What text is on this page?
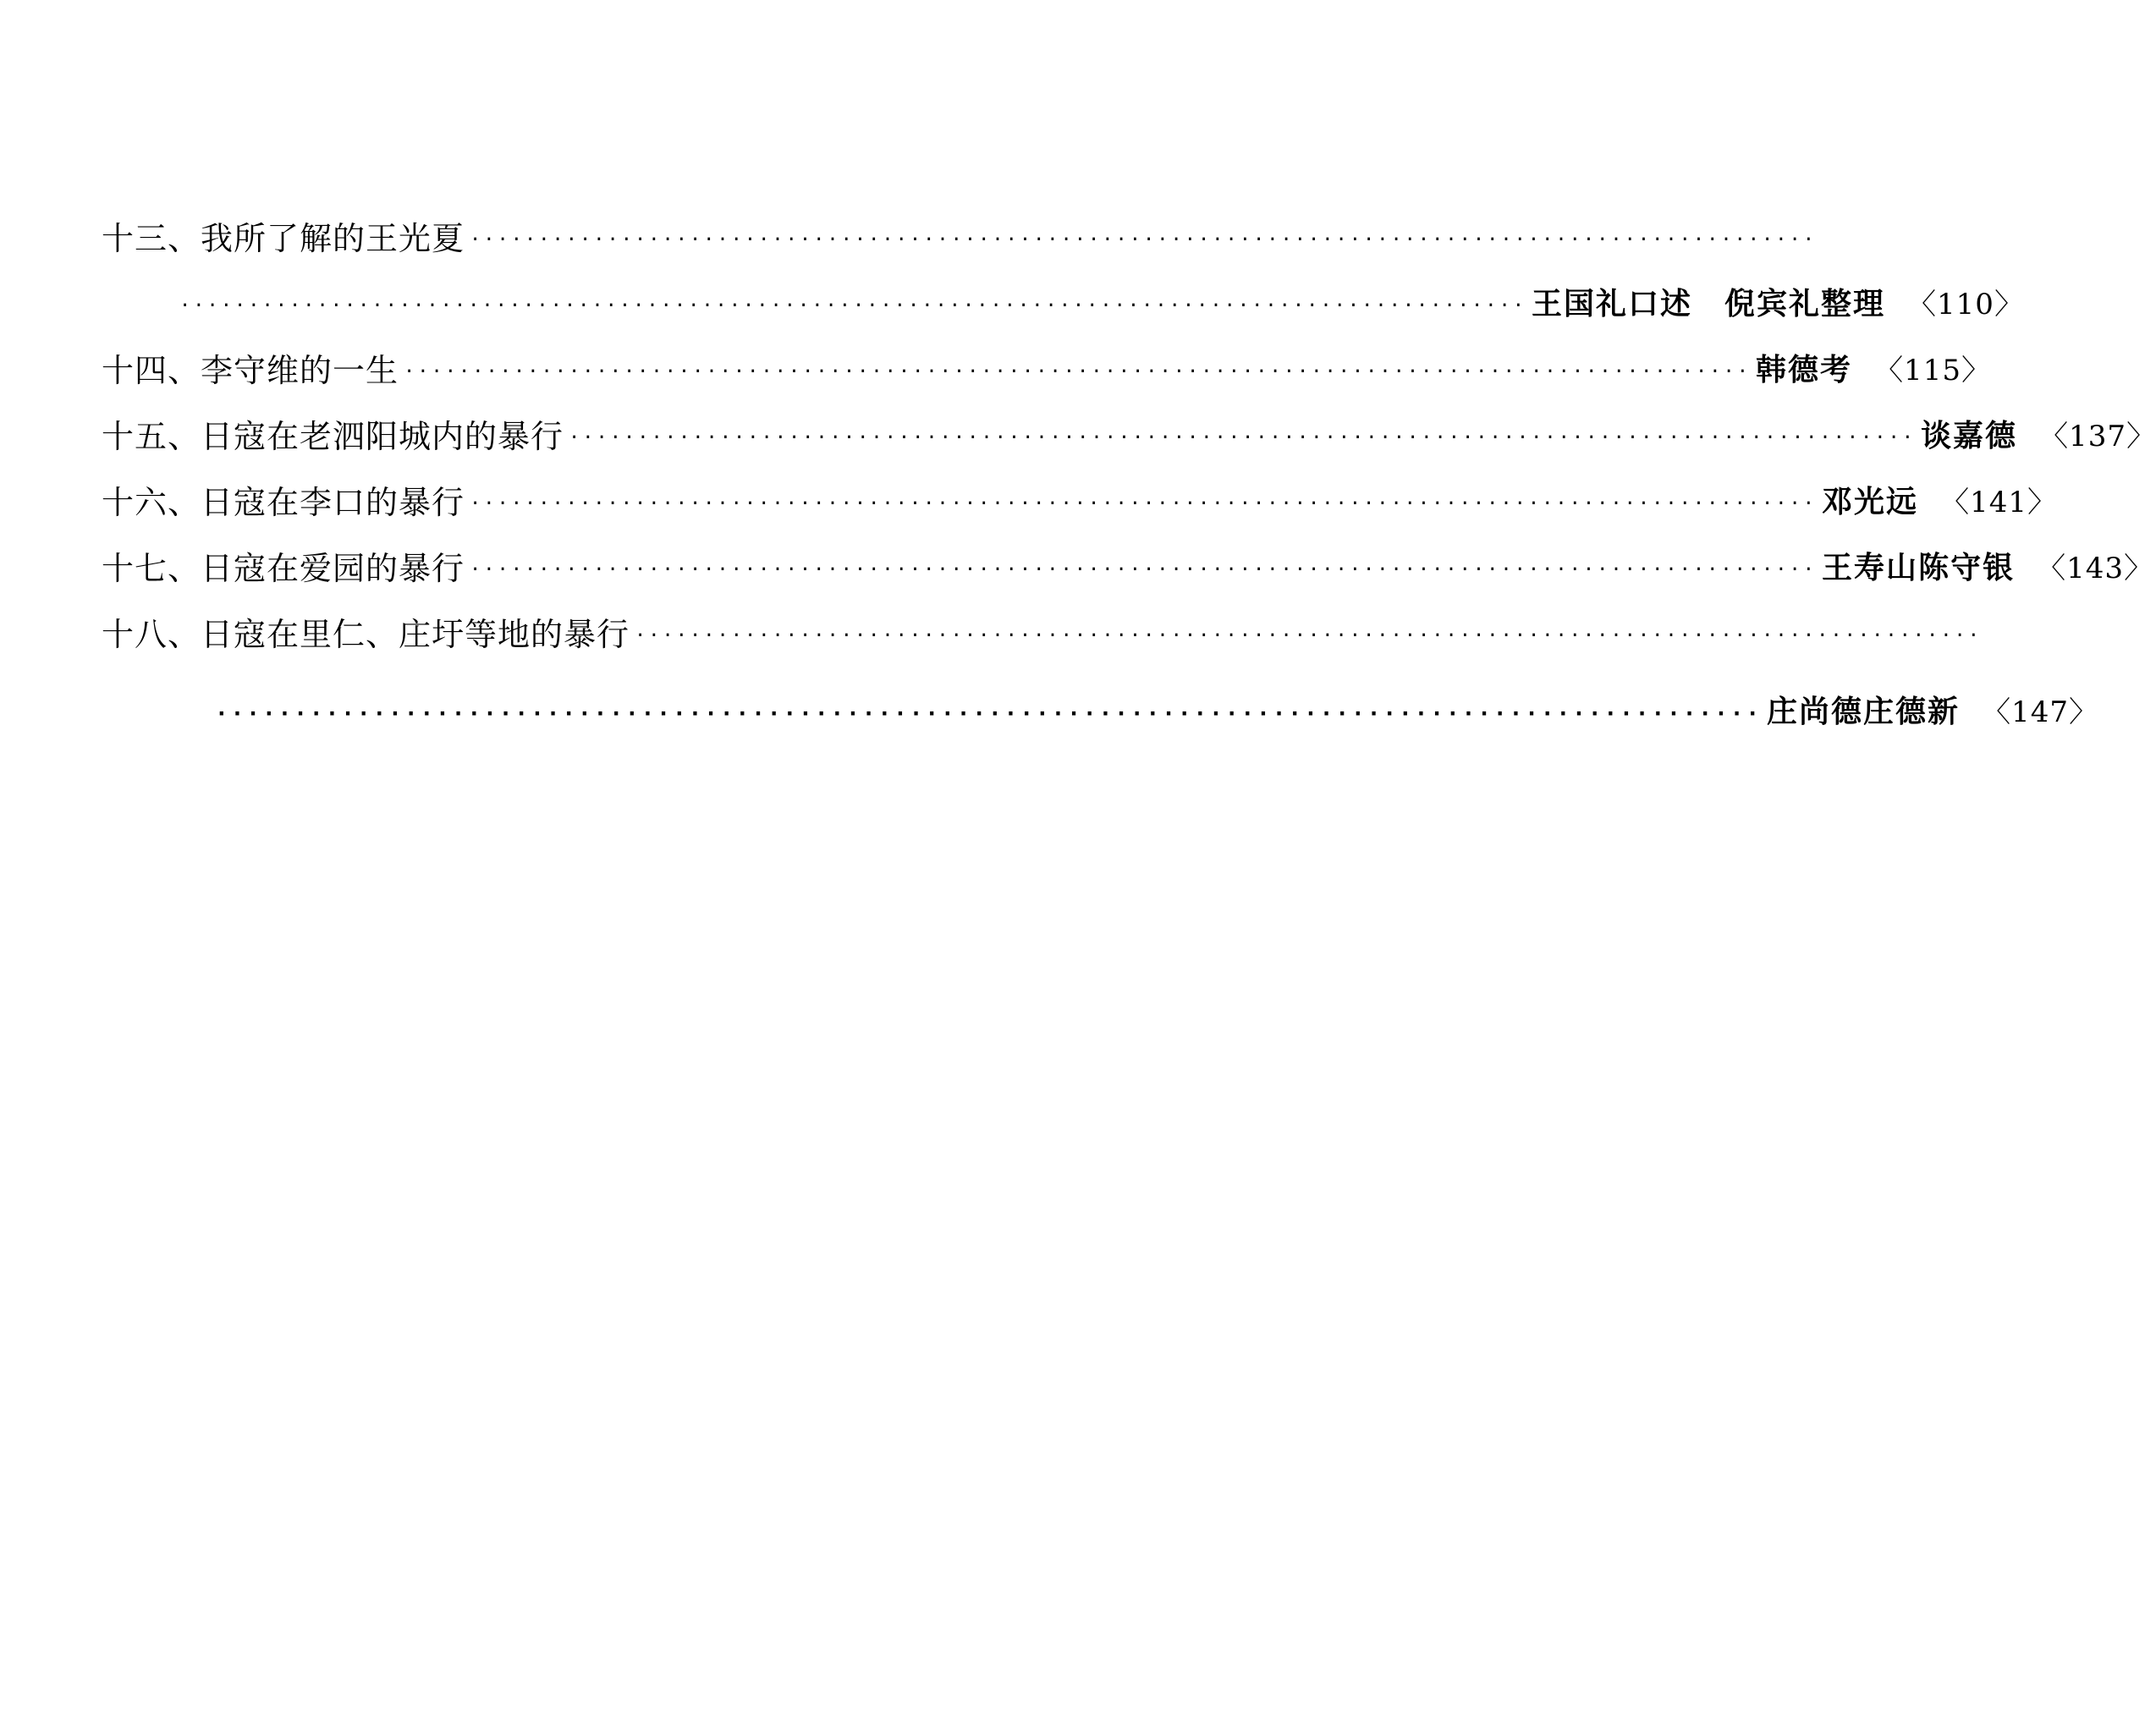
十三、我所了解的王光夏 ··································································································
·································································································· 王国礼口述　倪宾礼整理 〈110〉
十四、李守维的一生 ·································································································· 韩德考 〈115〉
十五、日寇在老泗阳城内的暴行 ·································································································· 谈嘉德 〈137〉
十六、日寇在李口的暴行 ·································································································· 邓光远 〈141〉
十七、日寇在爱园的暴行 ·································································································· 王寿山 陈守银 〈143〉
十八、日寇在里仁、庄圩等地的暴行 ··································································································
·································································································· 庄尚德 庄德新 〈147〉
